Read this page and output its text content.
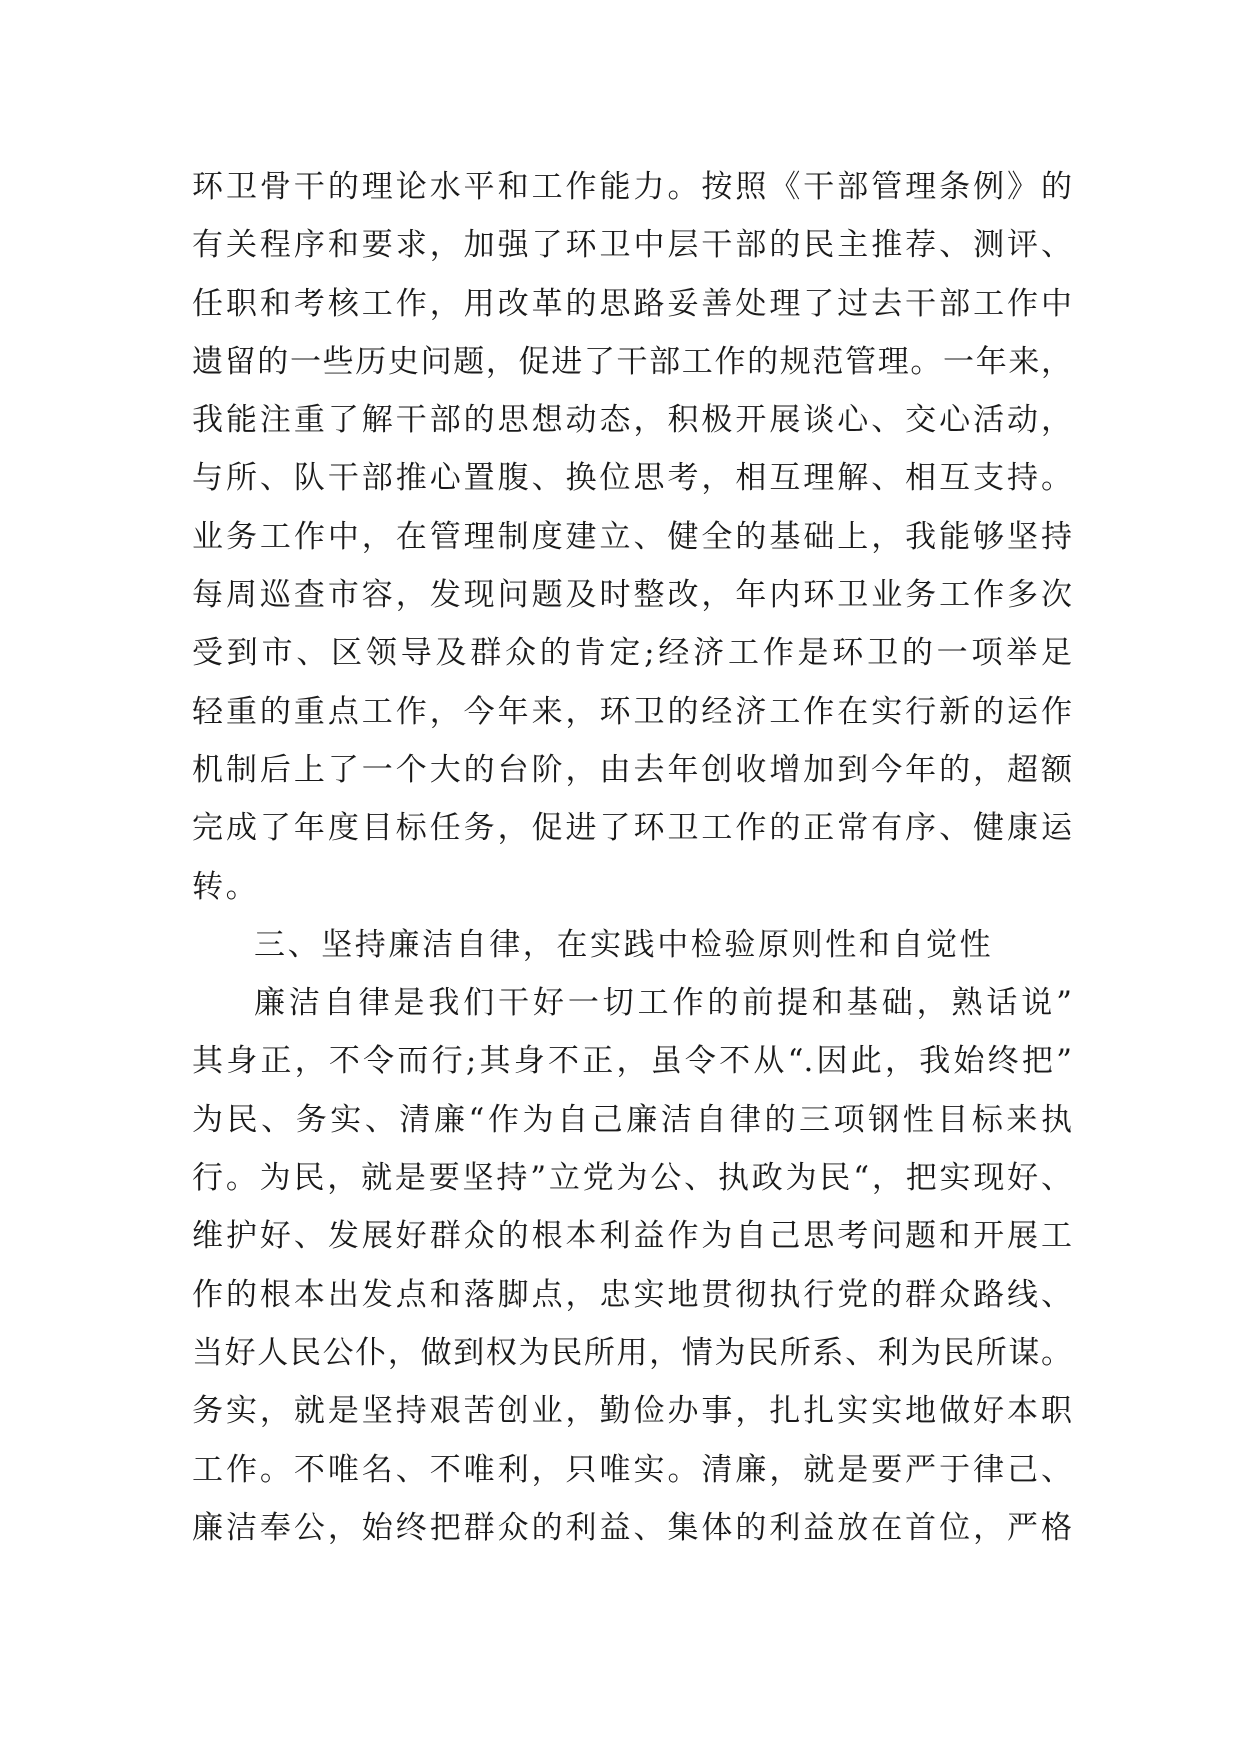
环卫骨干的理论水平和工作能力。按照《干部管理条例》的
有关程序和要求，加强了环卫中层干部的民主推荐、测评、
任职和考核工作，用改革的思路妥善处理了过去干部工作中
遗留的一些历史问题，促进了干部工作的规范管理。一年来，
我能注重了解干部的思想动态，积极开展谈心、交心活动，
与所、队干部推心置腹、换位思考，相互理解、相互支持。
业务工作中，在管理制度建立、健全的基础上，我能够坚持
每周巡查市容，发现问题及时整改，年内环卫业务工作多次
受到市、区领导及群众的肯定;经济工作是环卫的一项举足
轻重的重点工作，今年来，环卫的经济工作在实行新的运作
机制后上了一个大的台阶，由去年创收增加到今年的，超额
完成了年度目标任务，促进了环卫工作的正常有序、健康运
转。
三、坚持廉洁自律，在实践中检验原则性和自觉性
廉洁自律是我们干好一切工作的前提和基础，熟话说”
其身正，不令而行;其身不正，虽令不从“.因此，我始终把”
为民、务实、清廉“作为自己廉洁自律的三项钢性目标来执
行。为民，就是要坚持”立党为公、执政为民“，把实现好、
维护好、发展好群众的根本利益作为自己思考问题和开展工
作的根本出发点和落脚点，忠实地贯彻执行党的群众路线、
当好人民公仆，做到权为民所用，情为民所系、利为民所谋。
务实，就是坚持艰苦创业，勤俭办事，扎扎实实地做好本职
工作。不唯名、不唯利，只唯实。清廉，就是要严于律己、
廉洁奉公，始终把群众的利益、集体的利益放在首位，严格
